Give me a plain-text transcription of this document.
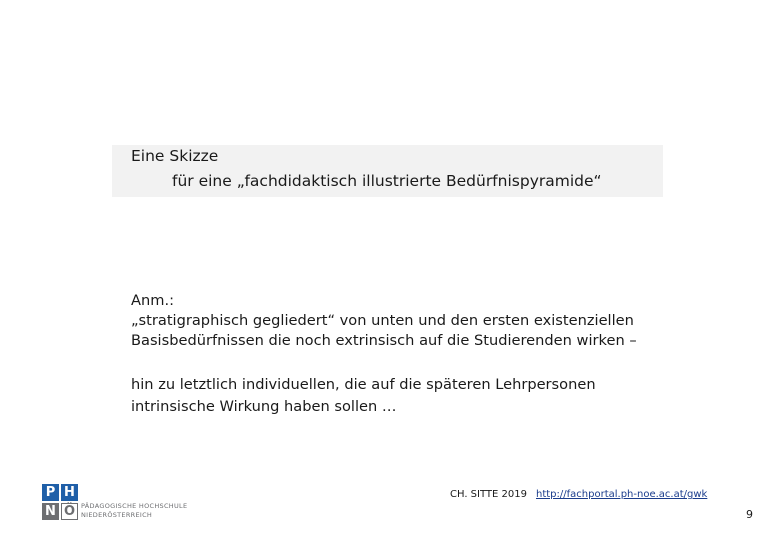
Eine Skizze
für eine „fachdidaktisch illustrierte Bedürfnispyramide“
Anm.:
„stratigraphisch gegliedert“ von unten und den ersten existenziellen
Basisbedürfnissen die noch extrinsisch auf die Studierenden wirken –
hin zu letztlich individuellen, die auf die späteren Lehrpersonen
intrinsische Wirkung haben sollen …
P H
N Ö PÄDAGOGISCHE HOCHSCHULE
NIEDERÖSTERREICH
CH. SITTE 2019 http://fachportal.ph-noe.ac.at/gwk
9
